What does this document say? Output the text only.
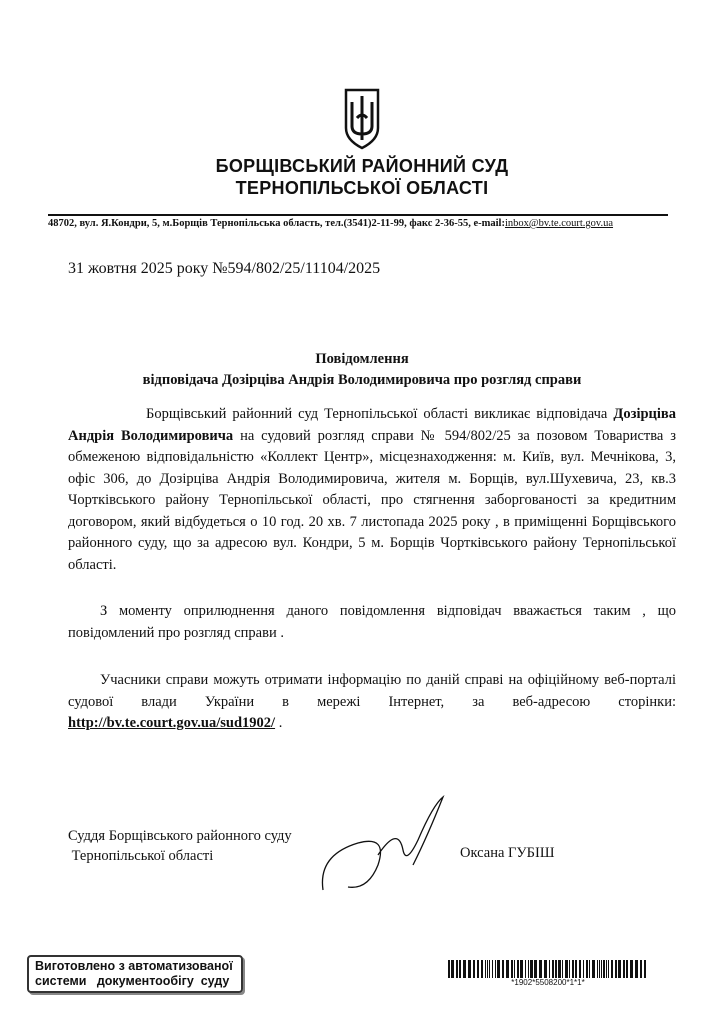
БОРЩІВСЬКИЙ РАЙОННИЙ СУД
ТЕРНОПІЛЬСЬКОЇ ОБЛАСТІ
48702, вул. Я.Кондри, 5, м.Борщів Тернопільська область, тел.(3541)2-11-99, факс 2-36-55, e-mail:inbox@bv.te.court.gov.ua
31 жовтня 2025 року №594/802/25/11104/2025
Повідомлення
відповідача Дозірціва Андрія Володимировича про розгляд справи
Борщівський районний суд Тернопільської області викликає відповідача Дозірціва Андрія Володимировича на судовий розгляд справи № 594/802/25 за позовом Товариства з обмеженою відповідальністю «Коллект Центр», місцезнаходження: м. Київ, вул. Мечнікова, 3, офіс 306, до Дозірціва Андрія Володимировича, жителя м. Борщів, вул.Шухевича, 23, кв.3 Чортківського району Тернопільської області, про стягнення заборгованості за кредитним договором, який відбудеться о 10 год. 20 хв. 7 листопада 2025 року , в приміщенні Борщівського районного суду, що за адресою вул. Кондри, 5 м. Борщів Чортківського району Тернопільської області.
З моменту оприлюднення даного повідомлення відповідач вважається таким , що повідомлений про розгляд справи .
Учасники справи можуть отримати інформацію по даній справі на офіційному веб-порталі судової влади України в мережі Інтернет, за веб-адресою сторінки: http://bv.te.court.gov.ua/sud1902/ .
Суддя Борщівського районного суду
Тернопільської області	Оксана ГУБІШ
Виготовлено з автоматизованої
системи   документообігу  суду	*1902*5508200*1*1*
